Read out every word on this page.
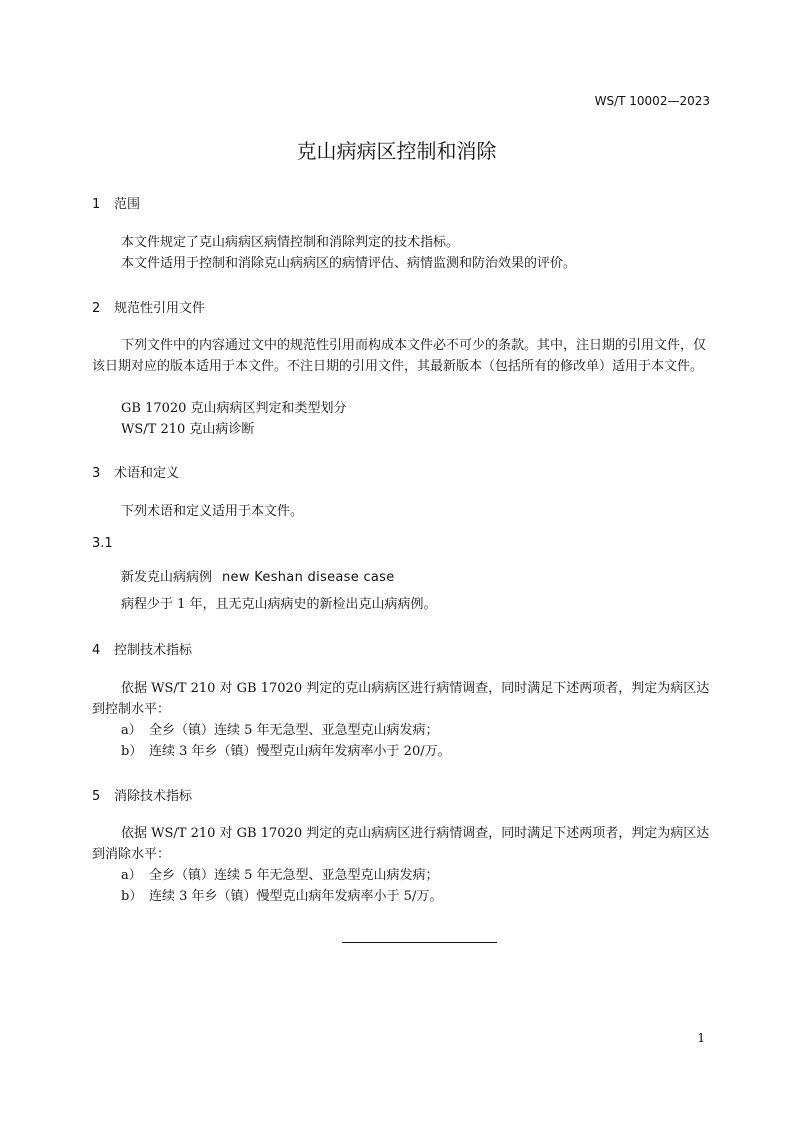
WS/T 10002—2023
克山病病区控制和消除
1 范围

本文件规定了克山病病区病情控制和消除判定的技术指标。

本文件适用于控制和消除克山病病区的病情评估、病情监测和防治效果的评价。

2 规范性引用文件

下列文件中的内容通过文中的规范性引用而构成本文件必不可少的条款。其中，注日期的引用文件，仅该日期对应的版本适用于本文件。不注日期的引用文件，其最新版本（包括所有的修改单）适用于本文件。

GB 17020 克山病病区判定和类型划分
WS/T 210 克山病诊断
3 术语和定义

下列术语和定义适用于本文件。

3.1
新发克山病病例 new Keshan disease case

病程少于 1 年，且无克山病病史的新检出克山病病例。

4 控制技术指标

依据 WS/T 210 对 GB 17020 判定的克山病病区进行病情调查，同时满足下述两项者，判定为病区达到控制水平：

a） 全乡（镇）连续 5 年无急型、亚急型克山病发病；
b） 连续 3 年乡（镇）慢型克山病年发病率小于 20/万。
5 消除技术指标

依据 WS/T 210 对 GB 17020 判定的克山病病区进行病情调查，同时满足下述两项者，判定为病区达到消除水平：

a） 全乡（镇）连续 5 年无急型、亚急型克山病发病；
b） 连续 3 年乡（镇）慢型克山病年发病率小于 5/万。
1
